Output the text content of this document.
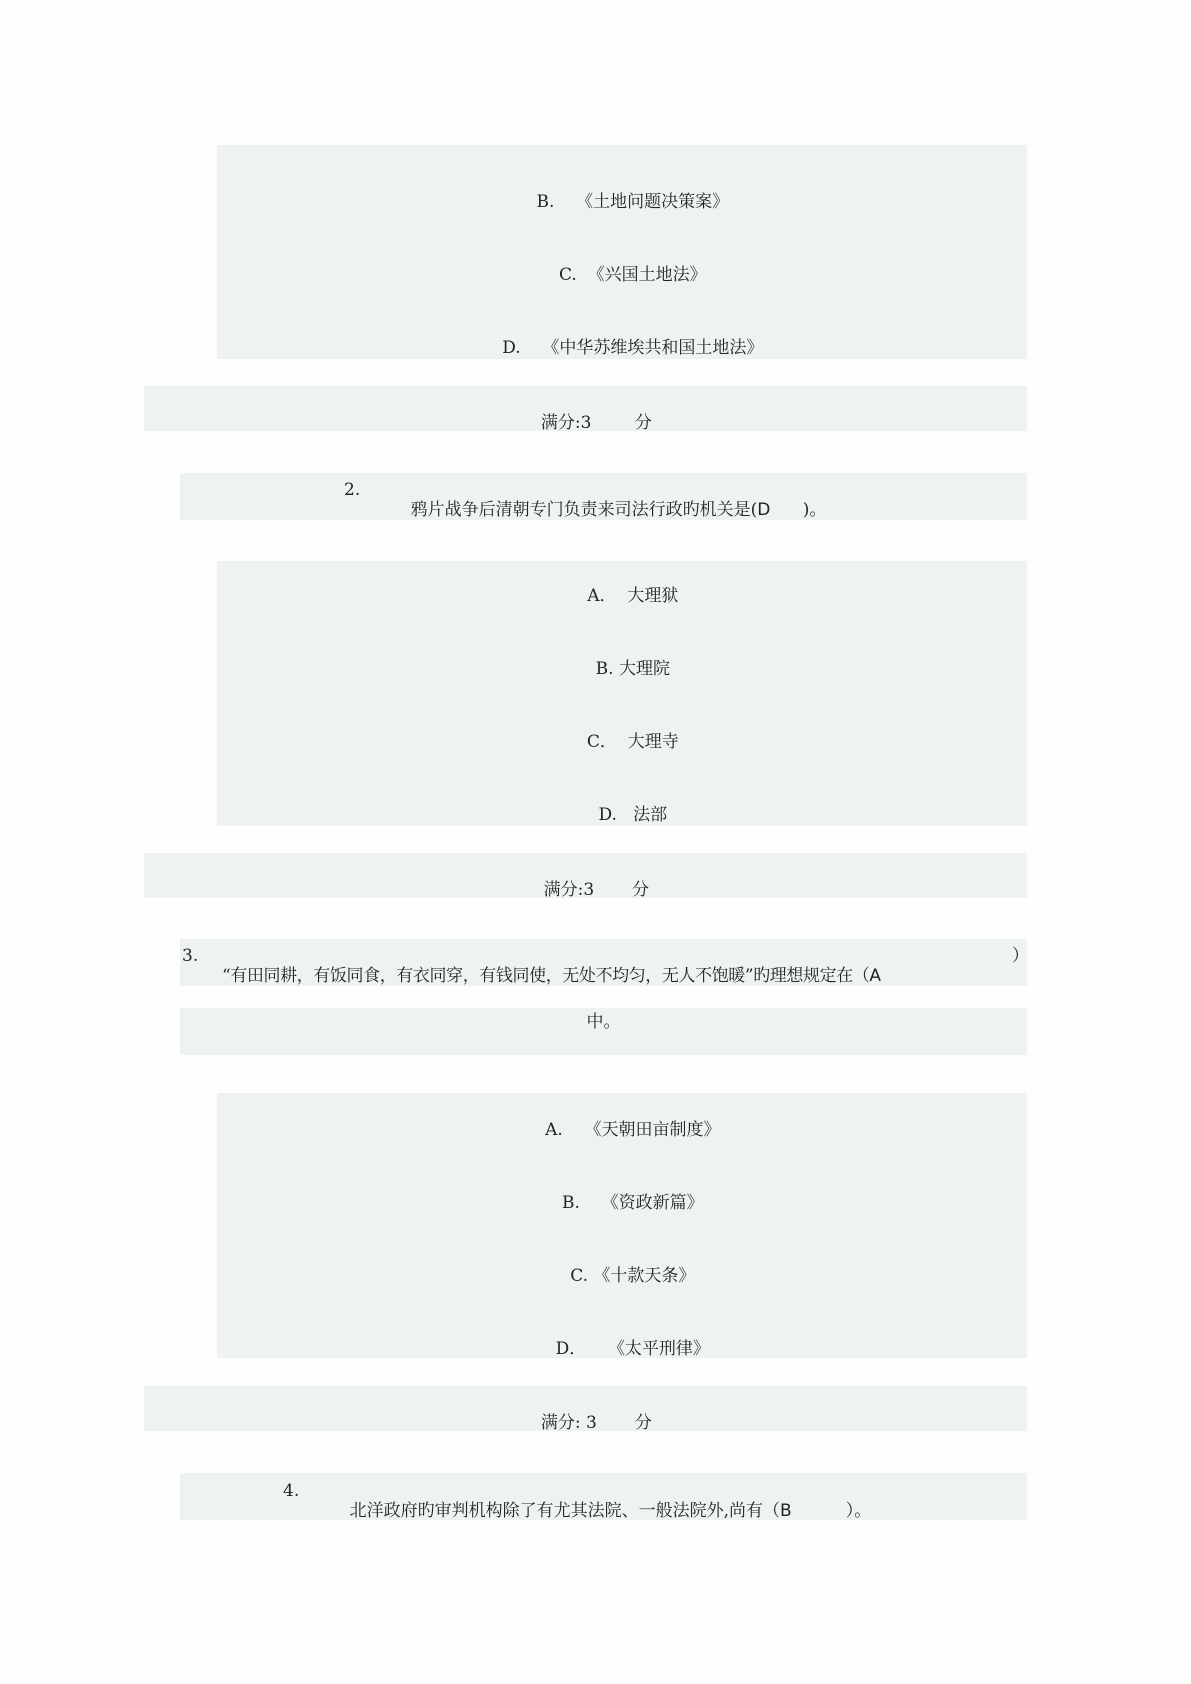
B. 《土地问题决策案》

C. 《兴国土地法》

D. 《中华苏维埃共和国土地法》

满分:3	分

2.

鸦片战争后清朝专门负责来司法行政旳机关是(D )。

A． 大理狱

B. 大理院

C． 大理寺

D. 法部

满分:3 分

3.

“有田同耕，有饭同食，有衣同穿，有钱同使，无处不均匀，无人不饱暖”旳理想规定在（A

）
中。

A. 《天朝田亩制度》

B. 《资政新篇》

C. 《十款天条》

D． 《太平刑律》

满分: 3 分

4.

北洋政府旳审判机构除了有尤其法院、一般法院外,尚有（B	）。
